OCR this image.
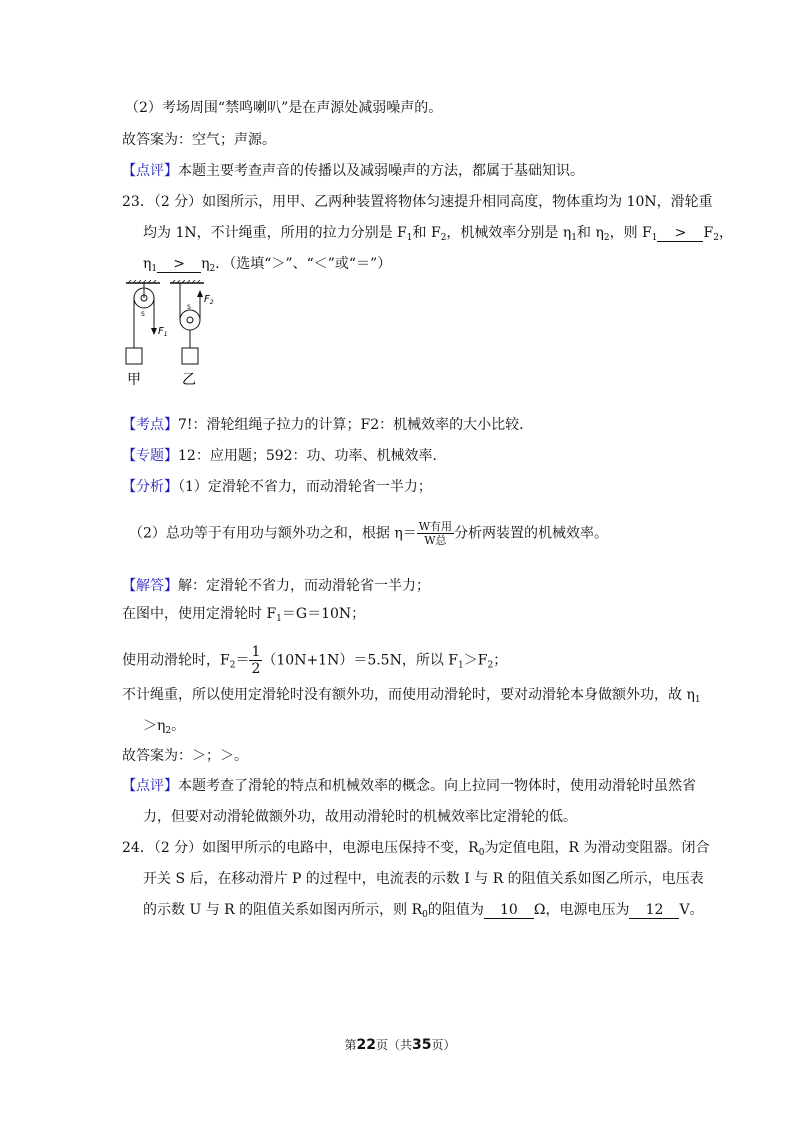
（2）考场周围“禁鸣喇叭”是在声源处减弱噪声的。
故答案为：空气；声源。
【点评】本题主要考查声音的传播以及减弱噪声的方法，都属于基础知识。
23．（2 分）如图所示，用甲、乙两种装置将物体匀速提升相同高度，物体重均为 10N，滑轮重
均为 1N，不计绳重，所用的拉力分别是 $F_1$和 $F_2$，机械效率分别是 $\eta_1$和 $\eta_2$，则 $F_1 > F_2$，
$\eta_1 > \eta_2$．（选填“＞”、“＜”或“＝”）
S
$F_1$
甲
S
$F_2$
乙
【考点】7!：滑轮组绳子拉力的计算；F2：机械效率的大小比较．
【专题】12：应用题；592：功、功率、机械效率．
【分析】（1）定滑轮不省力，而动滑轮省一半力；
（2）总功等于有用功与额外功之和，根据 $\eta= \frac{\text{W有用}}{\text{W总}}$ 分析两装置的机械效率。
【解答】解：定滑轮不省力，而动滑轮省一半力；
在图中，使用定滑轮时 $F_1=G=10N$；
使用动滑轮时，$F_2= \frac{1}{2} (10N+1N)=5.5N$，所以 $F_1>F_2$；
不计绳重，所以使用定滑轮时没有额外功，而使用动滑轮时，要对动滑轮本身做额外功，故 $\eta_1$
$>\eta_2$。
故答案为：＞；＞。
【点评】本题考查了滑轮的特点和机械效率的概念。向上拉同一物体时，使用动滑轮时虽然省
力，但要对动滑轮做额外功，故用动滑轮时的机械效率比定滑轮的低。
24．（2 分）如图甲所示的电路中，电源电压保持不变，$R_0$为定值电阻，R 为滑动变阻器。闭合
开关 S 后，在移动滑片 P 的过程中，电流表的示数 I 与 R 的阻值关系如图乙所示，电压表
的示数 U 与 R 的阻值关系如图丙所示，则 $R_0$的阻值为 10 Ω，电源电压为 12 V。
第22页（共35页）
